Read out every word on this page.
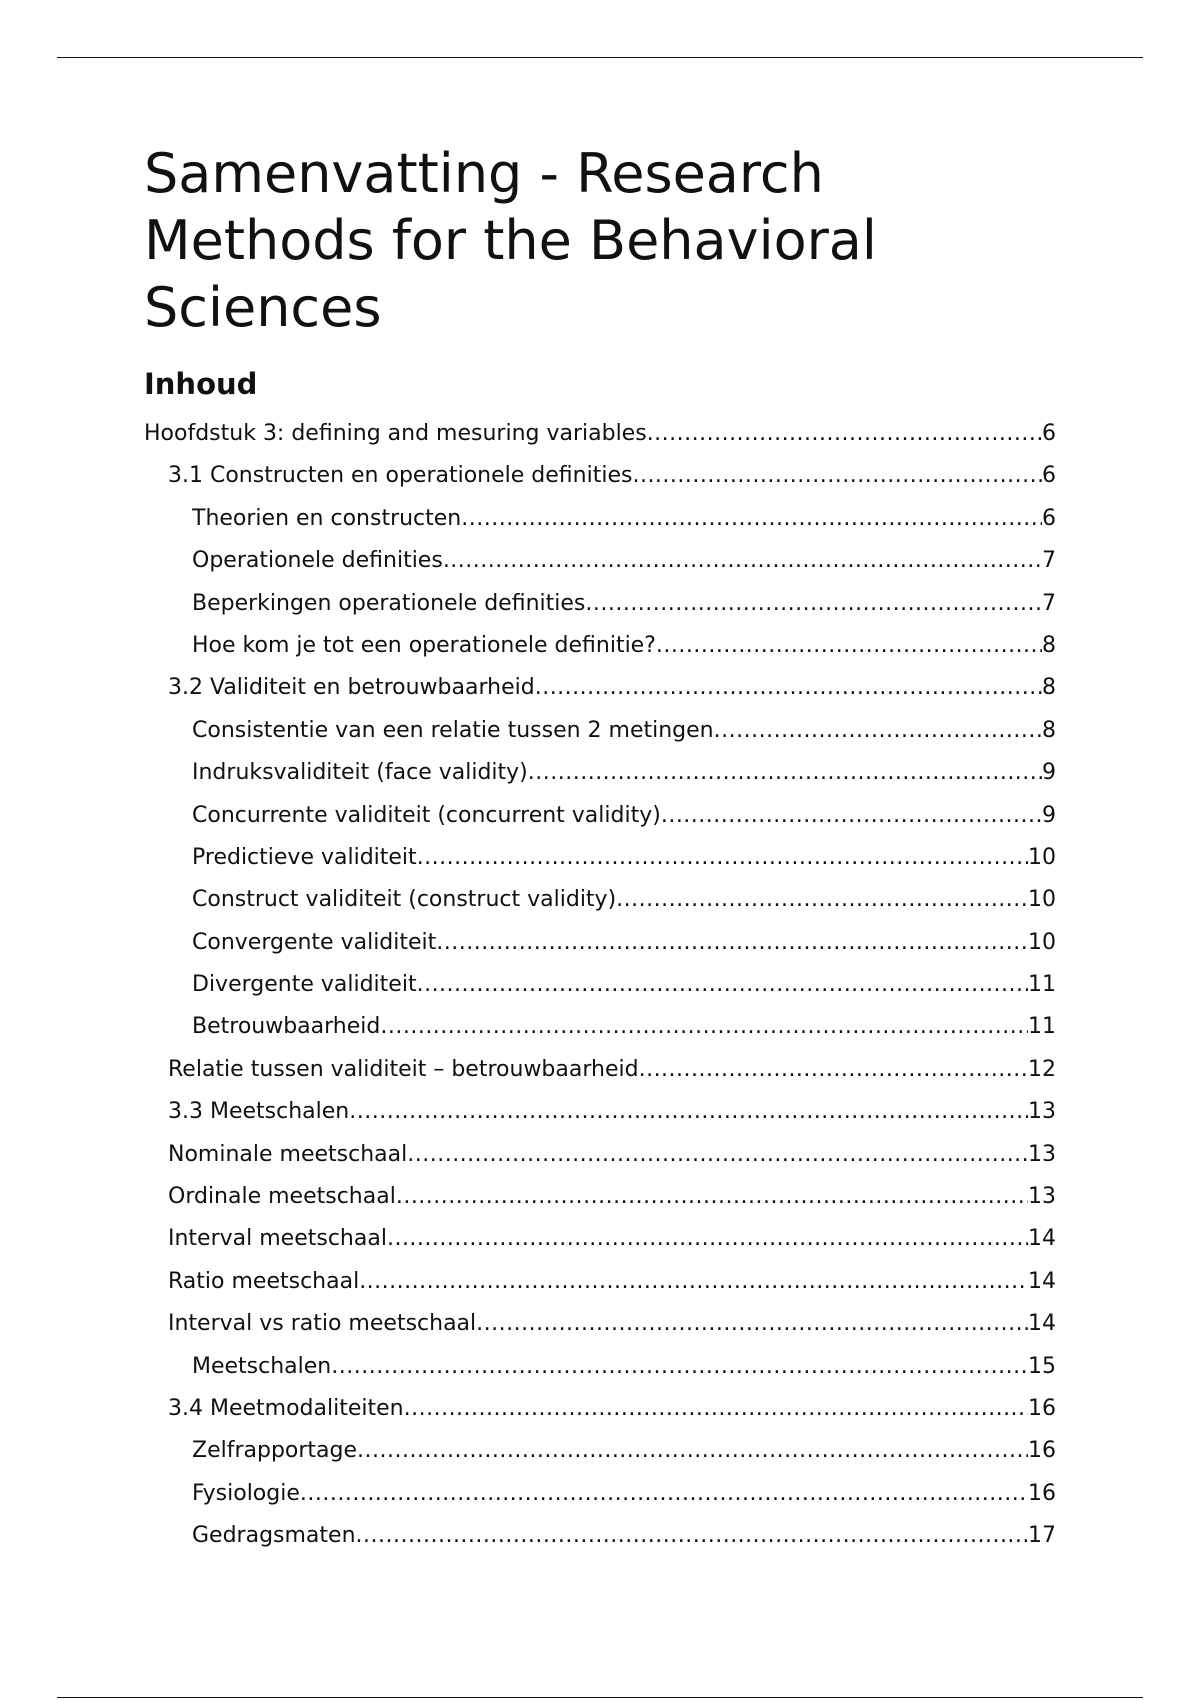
Samenvatting - Research Methods for the Behavioral Sciences
Inhoud
Hoofdstuk 3: defining and mesuring variables .....	6
3.1 Constructen en operationele definities .....	6
Theorien en constructen .....	6
Operationele definities .....	7
Beperkingen operationele definities .....	7
Hoe kom je tot een operationele definitie? .....	8
3.2 Validiteit en betrouwbaarheid .....	8
Consistentie van een relatie tussen 2 metingen .....	8
Indruksvaliditeit (face validity) .....	9
Concurrente validiteit (concurrent validity) .....	9
Predictieve validiteit .....	10
Construct validiteit (construct validity) .....	10
Convergente validiteit .....	10
Divergente validiteit .....	11
Betrouwbaarheid .....	11
Relatie tussen validiteit – betrouwbaarheid .....	12
3.3 Meetschalen .....	13
Nominale meetschaal .....	13
Ordinale meetschaal .....	13
Interval meetschaal .....	14
Ratio meetschaal .....	14
Interval vs ratio meetschaal .....	14
Meetschalen .....	15
3.4 Meetmodaliteiten .....	16
Zelfrapportage .....	16
Fysiologie .....	16
Gedragsmaten .....	17
